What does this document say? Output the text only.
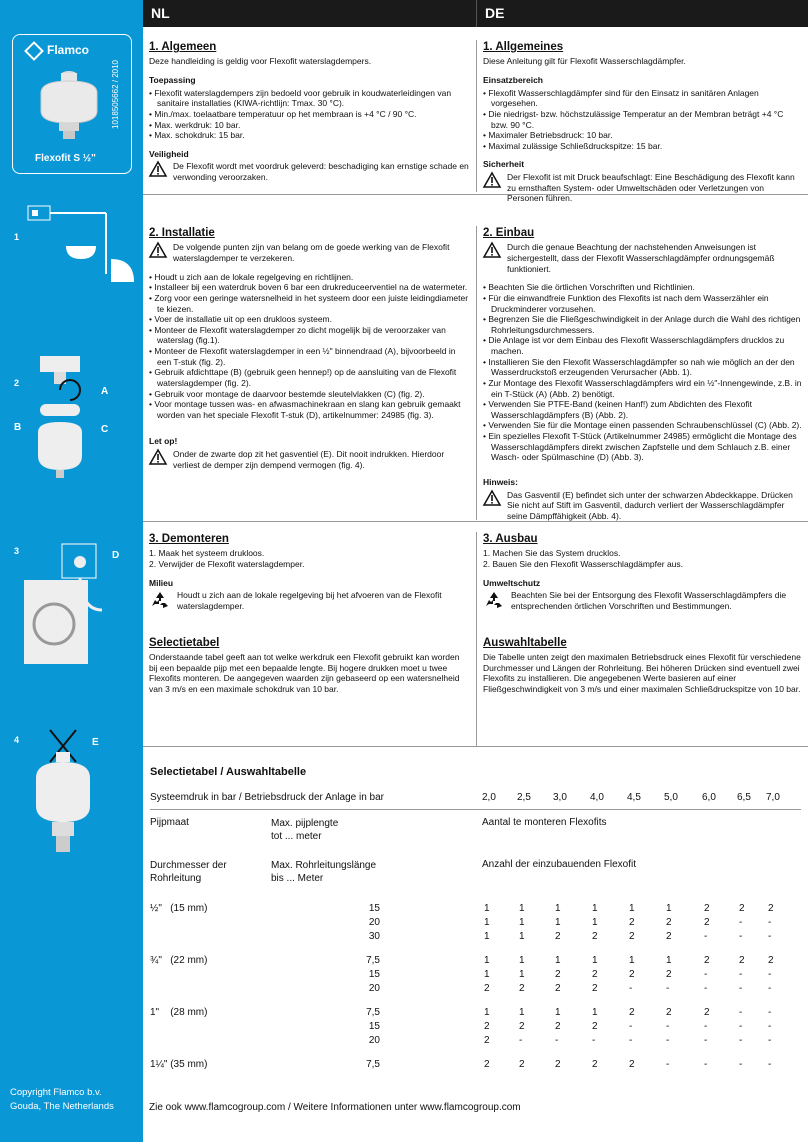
Flamco
Flexofit S ½"
1018505662 / 2010
1
2
A
B	C
3	D
4	E
Copyright Flamco b.v.
Gouda, The Netherlands
NL	DE
1. Algemeen

Deze handleiding is geldig voor Flexofit waterslagdempers.

Toepassing
• Flexofit waterslagdempers zijn bedoeld voor gebruik in koudwaterleidingen van sanitaire installaties (KIWA-richtlijn: Tmax. 30 °C).
• Min./max. toelaatbare temperatuur op het membraan is +4 °C / 90 °C.
• Max. werkdruk: 10 bar.
• Max. schokdruk: 15 bar.
Veiligheid
De Flexofit wordt met voordruk geleverd: beschadiging kan ernstige schade en verwonding veroorzaken.
2. Installatie
De volgende punten zijn van belang om de goede werking van de Flexofit waterslagdemper te verzekeren.
• Houdt u zich aan de lokale regelgeving en richtlijnen.
• Installeer bij een waterdruk boven 6 bar een drukreduceerventiel na de watermeter.
• Zorg voor een geringe watersnelheid in het systeem door een juiste leidingdiameter te kiezen.
• Voer de installatie uit op een drukloos systeem.
• Monteer de Flexofit waterslagdemper zo dicht mogelijk bij de veroorzaker van waterslag (fig.1).
• Monteer de Flexofit waterslagdemper in een ½" binnendraad (A), bijvoorbeeld in een T-stuk (fig. 2).
• Gebruik afdichttape (B) (gebruik geen hennep!) op de aansluiting van de Flexofit waterslagdemper (fig. 2).
• Gebruik voor montage de daarvoor bestemde sleutelvlakken (C) (fig. 2).
• Voor montage tussen was- en afwasmachinekraan en slang kan gebruik gemaakt worden van het speciale Flexofit T-stuk (D), artikelnummer: 24985 (fig. 3).
Let op!
Onder de zwarte dop zit het gasventiel (E). Dit nooit indrukken. Hierdoor verliest de demper zijn dempend vermogen (fig. 4).
3. Demonteren

1. Maak het systeem drukloos.

2. Verwijder de Flexofit waterslagdemper.

Milieu
Houdt u zich aan de lokale regelgeving bij het afvoeren van de Flexofit waterslagdemper.
Selectietabel

Onderstaande tabel geeft aan tot welke werkdruk een Flexofit gebruikt kan worden bij een bepaalde pijp met een bepaalde lengte. Bij hogere drukken moet u twee Flexofits monteren. De aangegeven waarden zijn gebaseerd op een watersnelheid van 3 m/s en een maximale schokdruk van 10 bar.

1. Allgemeines

Diese Anleitung gilt für Flexofit Wasserschlagdämpfer.

Einsatzbereich
• Flexofit Wasserschlagdämpfer sind für den Einsatz in sanitären Anlagen vorgesehen.
• Die niedrigst- bzw. höchstzulässige Temperatur an der Membran beträgt +4 °C bzw. 90 °C.
• Maximaler Betriebsdruck: 10 bar.
• Maximal zulässige Schließdruckspitze: 15 bar.
Sicherheit
Der Flexofit ist mit Druck beaufschlagt: Eine Beschädigung des Flexofit kann zu ernsthaften System- oder Umweltschäden oder Verletzungen von Personen führen.
2. Einbau
Durch die genaue Beachtung der nachstehenden Anweisungen ist sichergestellt, dass der Flexofit Wasserschlagdämpfer ordnungsgemäß funktioniert.
• Beachten Sie die örtlichen Vorschriften und Richtlinien.
• Für die einwandfreie Funktion des Flexofits ist nach dem Wasserzähler ein Druckminderer vorzusehen.
• Begrenzen Sie die Fließgeschwindigkeit in der Anlage durch die Wahl des richtigen Rohrleitungsdurchmessers.
• Die Anlage ist vor dem Einbau des Flexofit Wasserschlagdämpfers drucklos zu machen.
• Installieren Sie den Flexofit Wasserschlagdämpfer so nah wie möglich an der den Wasserdruckstoß erzeugenden Verursacher (Abb. 1).
• Zur Montage des Flexofit Wasserschlagdämpfers wird ein ½"-Innengewinde, z.B. in ein T-Stück (A) (Abb. 2) benötigt.
• Verwenden Sie PTFE-Band (keinen Hanf!) zum Abdichten des Flexofit Wasserschlagdämpfers (B) (Abb. 2).
• Verwenden Sie für die Montage einen passenden Schraubenschlüssel (C) (Abb. 2).
• Ein spezielles Flexofit T-Stück (Artikelnummer 24985) ermöglicht die Montage des Wasserschlagdämpfers direkt zwischen Zapfstelle und dem Schlauch z.B. einer Wasch- oder Spülmaschine (D) (Abb. 3).
Hinweis:
Das Gasventil (E) befindet sich unter der schwarzen Abdeckkappe. Drücken Sie nicht auf Stift im Gasventil, dadurch verliert der Wasserschlagdämpfer seine Dämpffähigkeit (Abb. 4).
3. Ausbau

1. Machen Sie das System drucklos.

2. Bauen Sie den Flexofit Wasserschlagdämpfer aus.

Umweltschutz
Beachten Sie bei der Entsorgung des Flexofit Wasserschlagdämpfers die entsprechenden örtlichen Vorschriften und Bestimmungen.
Auswahltabelle

Die Tabelle unten zeigt den maximalen Betriebsdruck eines Flexofit für verschiedene Durchmesser und Längen der Rohrleitung. Bei höheren Drücken sind eventuell zwei Flexofits zu installieren. Die angegebenen Werte basieren auf einer Fließgeschwindigkeit von 3 m/s und einer maximalen Schließdruckspitze von 10 bar.

Selectietabel / Auswahltabelle
Systeemdruk in bar / Betriebsdruck der Anlage in bar	2,0 2,5 3,0 4,0 4,5 5,0 6,0 6,5 7,0
Pijpmaat	Max. pijplengte
tot ... meter
Aantal te monteren Flexofits
Durchmesser der
Rohrleitung
Max. Rohrleitungslänge
bis ... Meter
Anzahl der einzubauenden Flexofit
½"   (15 mm)	15	1	1	1	1	1	1	2	2 2
20	1	1	1	1	2	2	2	-	-
30	1	1	2	2	2	2	-	-	-
¾"   (22 mm)	7,5	1	1	1	1	1	1	2	2 2
15	1	1	2	2	2	2	-	-	-
20	2	2	2	2	-	-	-	-	-
1"    (28 mm)	7,5	1	1	1	1	2	2	2	-	-
15	2	2	2	2	-	-	-	-	-
20	2	-	-	-	-	-	-	-	-
1¼" (35 mm)	7,5	2	2	2	2	2	-	-	-	-
Zie ook www.flamcogroup.com / Weitere Informationen unter www.flamcogroup.com
